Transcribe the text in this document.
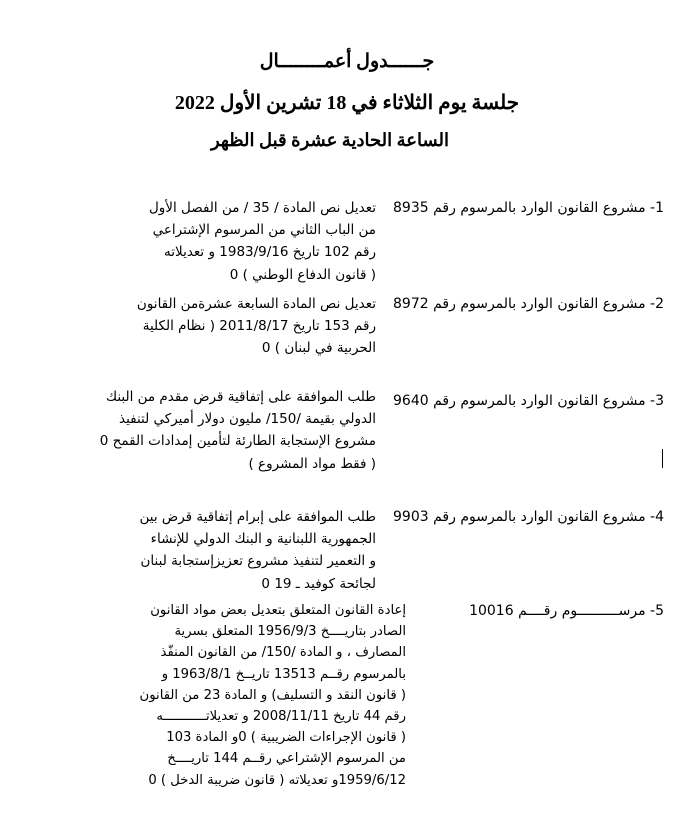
جــــــدول أعمــــــــال
جلسة يوم الثلاثاء في 18 تشرين الأول 2022
الساعة الحادية عشرة قبل الظهر
1- مشروع القانون الوارد بالمرسوم رقم 8935
تعديل نص المادة / 35 / من الفصل الأول
من الباب الثاني من المرسوم الإشتراعي
رقم 102 تاريخ 1983/9/16 و تعديلاته
( قانون الدفاع الوطني ) 0
2- مشروع القانون الوارد بالمرسوم رقم 8972
تعديل نص المادة السابعة عشرةمن القانون
رقم 153 تاريخ 2011/8/17 ( نظام الكلية
الحربية في لبنان ) 0
3- مشروع القانون الوارد بالمرسوم رقم 9640
طلب الموافقة على إتفاقية قرض مقدم من البنك
الدولي بقيمة /150/ مليون دولار أميركي لتنفيذ
مشروع الإستجابة الطارئة لتأمين إمدادات القمح 0
( فقط مواد المشروع )
4- مشروع القانون الوارد بالمرسوم رقم 9903
طلب الموافقة على إبرام إتفاقية قرض بين
الجمهورية اللبنانية و البنك الدولي للإنشاء
و التعمير لتنفيذ مشروع تعزيزإستجابة لبنان
لجائحة كوفيد ـ 19 0
5- مرســــــــــوم رقــــم 10016
إعادة القانون المتعلق بتعديل بعض مواد القانون
الصادر بتاريــــخ 1956/9/3 المتعلق بسرية
المصارف ، و المادة /150/ من القانون المنفّذ
بالمرسوم رقــم 13513 تاريــخ 1963/8/1 و
( قانون النقد و التسليف) و المادة 23 من القانون
رقم 44 تاريخ 2008/11/11 و تعديلاتـــــــــــه
( قانون الإجراءات الضريبية ) 0و المادة 103
من المرسوم الإشتراعي رقــم 144 تاريــــخ
1959/6/12و تعديلاته ( قانون ضريبة الدخل ) 0
